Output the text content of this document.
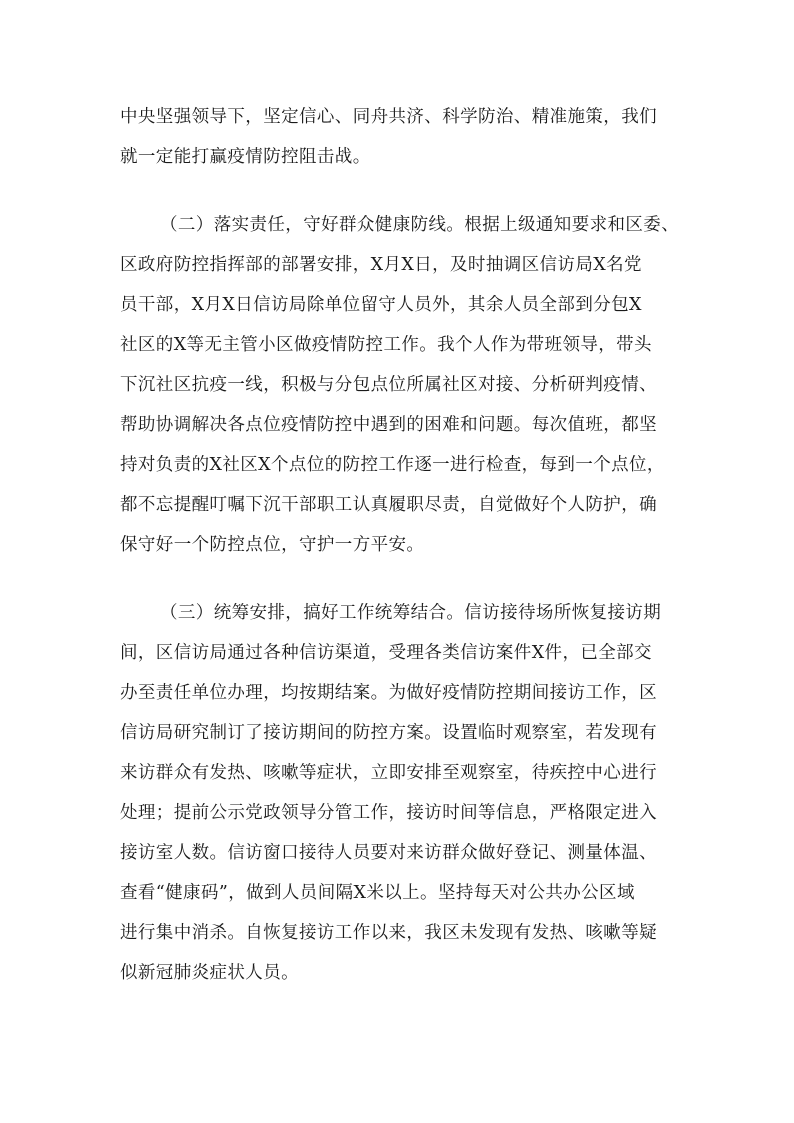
中央坚强领导下，坚定信心、同舟共济、科学防治、精准施策，我们
就一定能打赢疫情防控阻击战。
（二）落实责任，守好群众健康防线。根据上级通知要求和区委、
区政府防控指挥部的部署安排，X月X日，及时抽调区信访局X名党
员干部，X月X日信访局除单位留守人员外，其余人员全部到分包X
社区的X等无主管小区做疫情防控工作。我个人作为带班领导，带头
下沉社区抗疫一线，积极与分包点位所属社区对接、分析研判疫情、
帮助协调解决各点位疫情防控中遇到的困难和问题。每次值班，都坚
持对负责的X社区X个点位的防控工作逐一进行检查，每到一个点位，
都不忘提醒叮嘱下沉干部职工认真履职尽责，自觉做好个人防护，确
保守好一个防控点位，守护一方平安。
（三）统筹安排，搞好工作统筹结合。信访接待场所恢复接访期
间，区信访局通过各种信访渠道，受理各类信访案件X件，已全部交
办至责任单位办理，均按期结案。为做好疫情防控期间接访工作，区
信访局研究制订了接访期间的防控方案。设置临时观察室，若发现有
来访群众有发热、咳嗽等症状，立即安排至观察室，待疾控中心进行
处理；提前公示党政领导分管工作，接访时间等信息，严格限定进入
接访室人数。信访窗口接待人员要对来访群众做好登记、测量体温、
查看“健康码”，做到人员间隔X米以上。坚持每天对公共办公区域
进行集中消杀。自恢复接访工作以来，我区未发现有发热、咳嗽等疑
似新冠肺炎症状人员。
